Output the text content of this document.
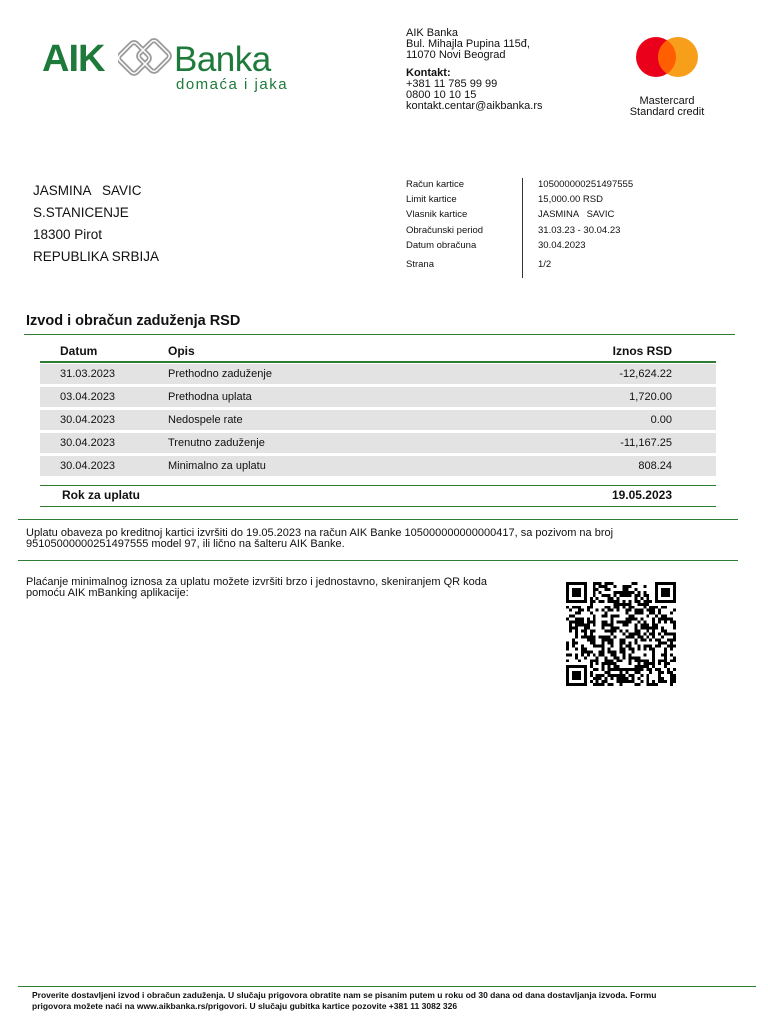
AIK Banka
domaća i jaka
AIK Banka
Bul. Mihajla Pupina 115đ,
11070 Novi Beograd
Kontakt:
+381 11 785 99 99
0800 10 10 15
kontakt.centar@aikbanka.rs	Mastercard
Standard credit
JASMINA   SAVIC
S.STANICENJE
18300 Pirot
REPUBLIKA SRBIJA
Račun kartice	105000000251497555
Limit kartice	15,000.00 RSD
Vlasnik kartice	JASMINA   SAVIC
Obračunski period	31.03.23 - 30.04.23
Datum obračuna	30.04.2023
Strana	1/2
Izvod i obračun zaduženja RSD
Datum	Opis	Iznos RSD
31.03.2023	Prethodno zaduženje	-12,624.22
03.04.2023	Prethodna uplata	1,720.00
30.04.2023	Nedospele rate	0.00
30.04.2023	Trenutno zaduženje	-11,167.25
30.04.2023	Minimalno za uplatu	808.24
Rok za uplatu	19.05.2023
Uplatu obaveza po kreditnoj kartici izvršiti do 19.05.2023 na račun AIK Banke 105000000000000417, sa pozivom na broj
95105000000251497555 model 97, ili lično na šalteru AIK Banke.
Plaćanje minimalnog iznosa za uplatu možete izvršiti brzo i jednostavno, skeniranjem QR koda
pomoću AIK mBanking aplikacije:
Proverite dostavljeni izvod i obračun zaduženja. U slučaju prigovora obratite nam se pisanim putem u roku od 30 dana od dana dostavljanja izvoda. Formu
prigovora možete naći na www.aikbanka.rs/prigovori. U slučaju gubitka kartice pozovite +381 11 3082 326
